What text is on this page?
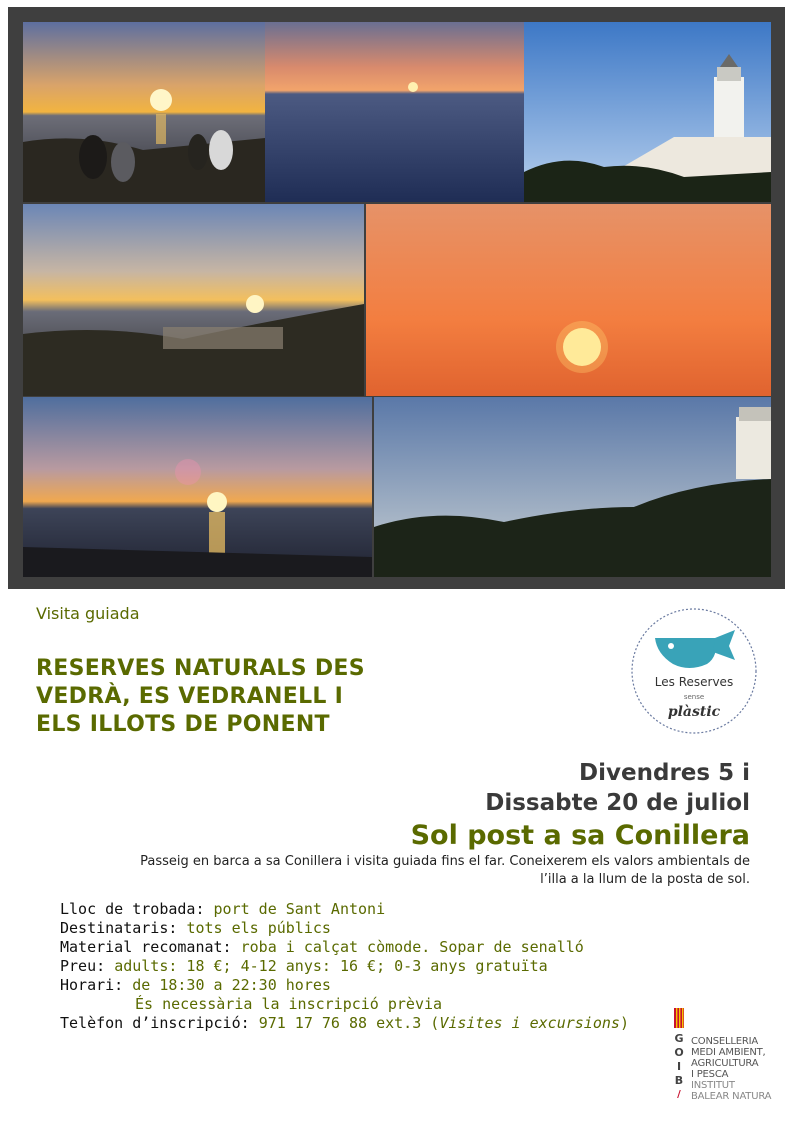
Visita guiada
RESERVES NATURALS DES
VEDRÀ, ES VEDRANELL I
ELS ILLOTS DE PONENT
Les Reserves
sense
plàstic
Divendres 5 i
Dissabte 20 de juliol
Sol post a sa Conillera

Passeig en barca a sa Conillera i visita guiada fins el far. Coneixerem els valors ambientals de
l’illa a la llum de la posta de sol.

Lloc de trobada: port de Sant Antoni
Destinataris: tots els públics
Material recomanat: roba i calçat còmode. Sopar de senalló
Preu: adults: 18 €; 4-12 anys: 16 €; 0-3 anys gratuïta
Horari: de 18:30 a 22:30 hores
És necessària la inscripció prèvia
Telèfon d’inscripció: 971 17 76 88 ext.3 (Visites i excursions)
G
O
I
B
/
CONSELLERIA
MEDI AMBIENT,
AGRICULTURA
I PESCA
INSTITUT
BALEAR NATURA
